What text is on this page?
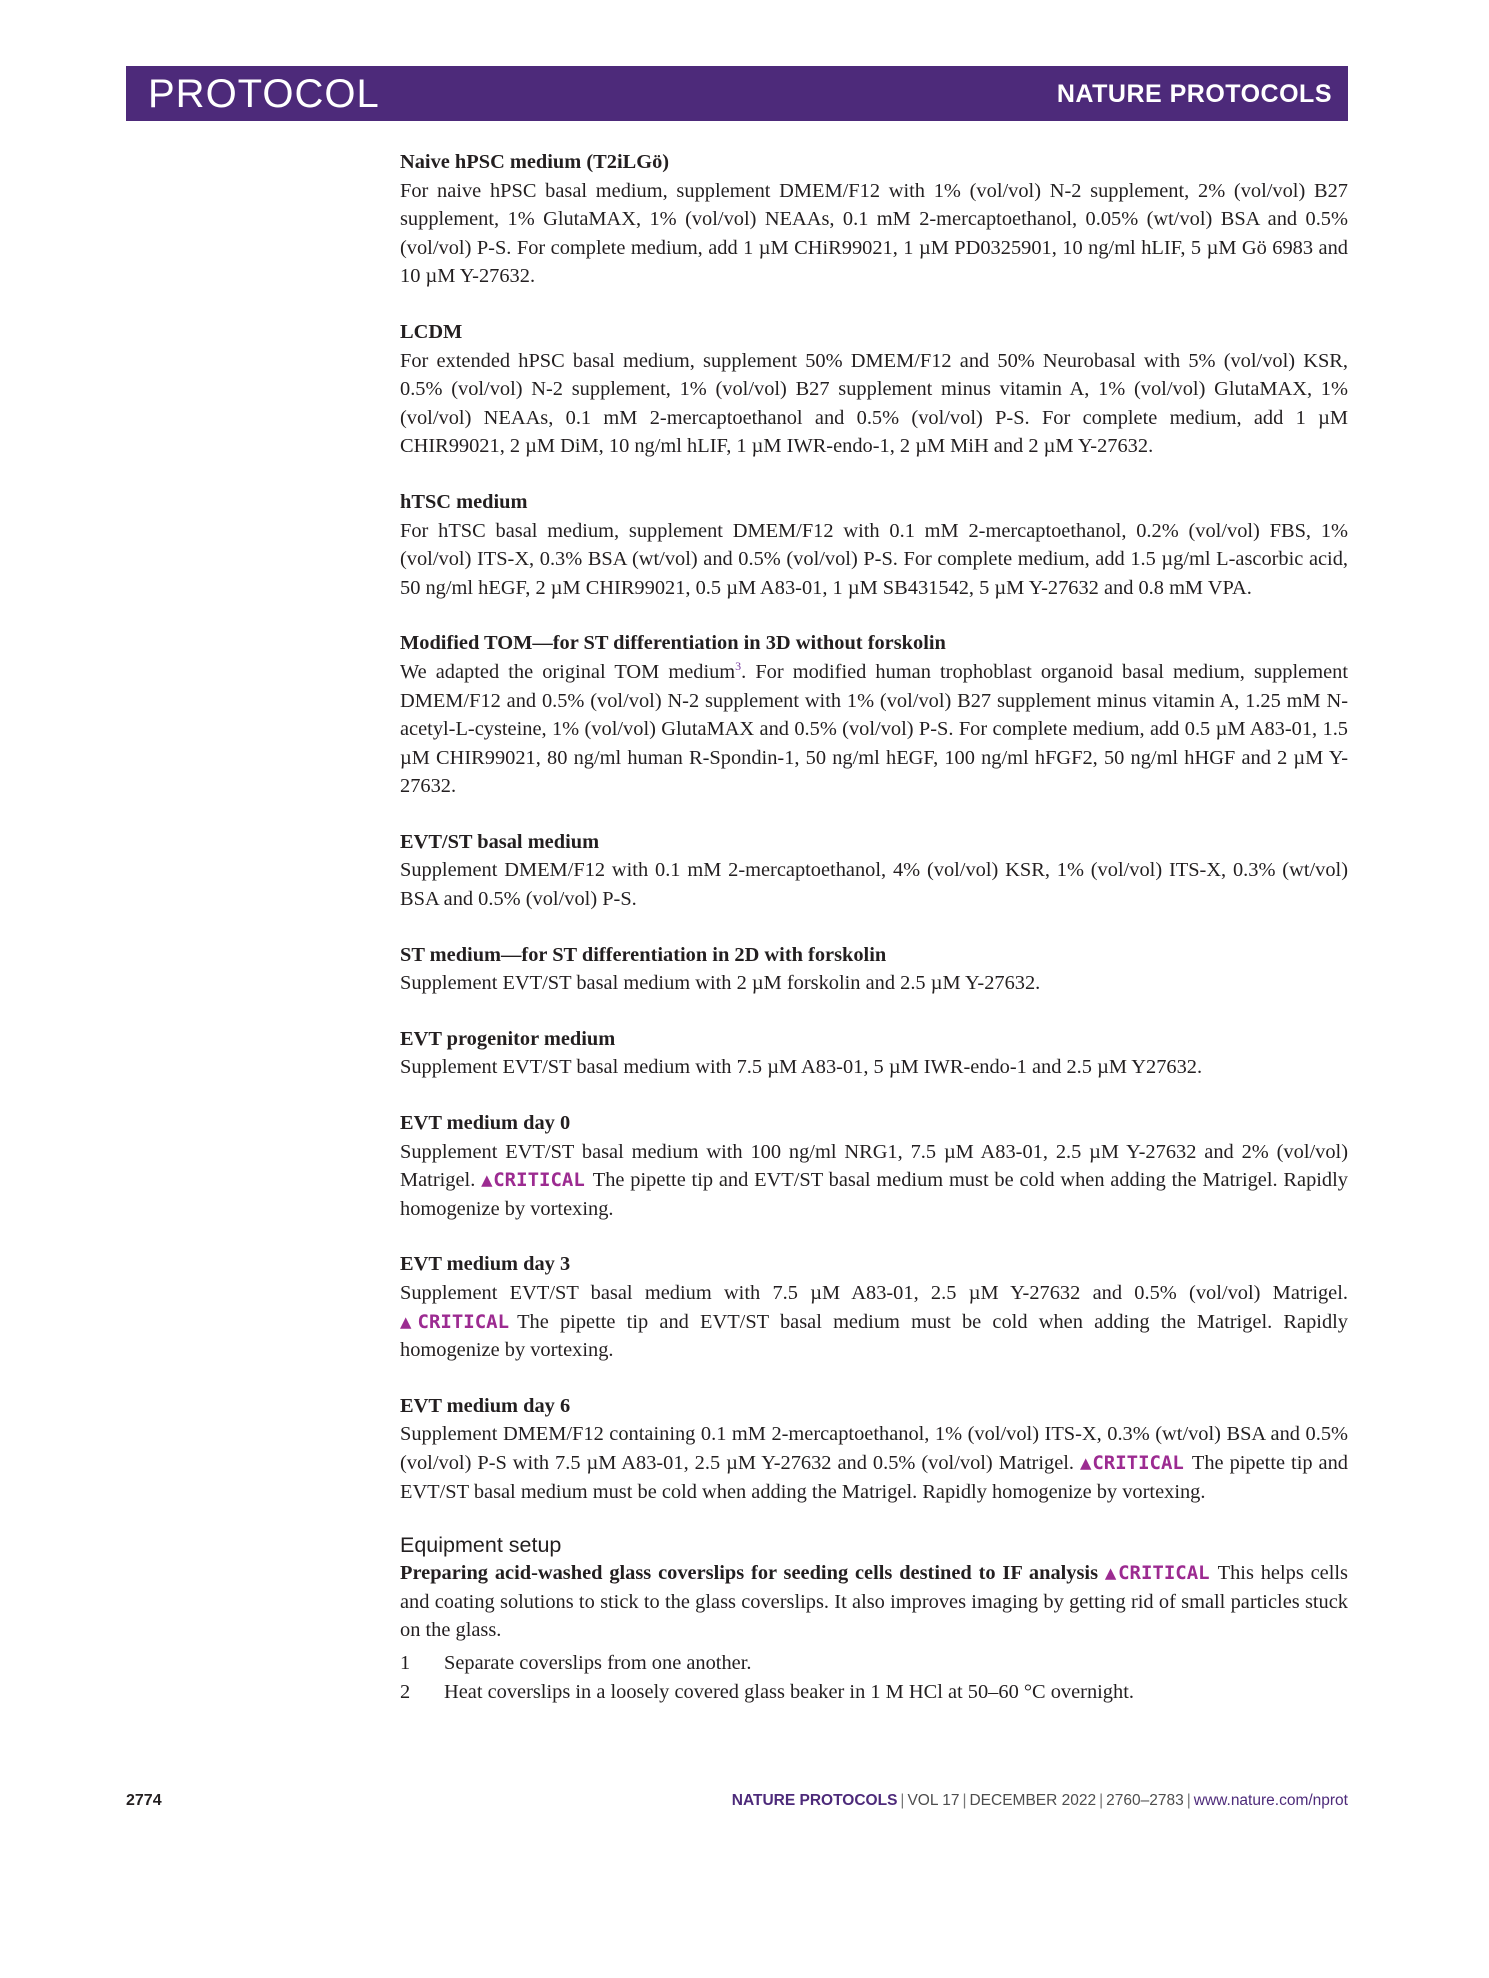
PROTOCOL	NATURE PROTOCOLS
Naive hPSC medium (T2iLGö)

For naive hPSC basal medium, supplement DMEM/F12 with 1% (vol/vol) N-2 supplement, 2% (vol/vol) B27 supplement, 1% GlutaMAX, 1% (vol/vol) NEAAs, 0.1 mM 2-mercaptoethanol, 0.05% (wt/vol) BSA and 0.5% (vol/vol) P-S. For complete medium, add 1 µM CHiR99021, 1 µM PD0325901, 10 ng/ml hLIF, 5 µM Gö 6983 and 10 µM Y-27632.

LCDM

For extended hPSC basal medium, supplement 50% DMEM/F12 and 50% Neurobasal with 5% (vol/vol) KSR, 0.5% (vol/vol) N-2 supplement, 1% (vol/vol) B27 supplement minus vitamin A, 1% (vol/vol) GlutaMAX, 1% (vol/vol) NEAAs, 0.1 mM 2-mercaptoethanol and 0.5% (vol/vol) P-S. For complete medium, add 1 µM CHIR99021, 2 µM DiM, 10 ng/ml hLIF, 1 µM IWR-endo-1, 2 µM MiH and 2 µM Y-27632.

hTSC medium

For hTSC basal medium, supplement DMEM/F12 with 0.1 mM 2-mercaptoethanol, 0.2% (vol/vol) FBS, 1% (vol/vol) ITS-X, 0.3% BSA (wt/vol) and 0.5% (vol/vol) P-S. For complete medium, add 1.5 µg/ml L-ascorbic acid, 50 ng/ml hEGF, 2 µM CHIR99021, 0.5 µM A83-01, 1 µM SB431542, 5 µM Y-27632 and 0.8 mM VPA.

Modified TOM—for ST differentiation in 3D without forskolin

We adapted the original TOM medium$^3$. For modified human trophoblast organoid basal medium, supplement DMEM/F12 and 0.5% (vol/vol) N-2 supplement with 1% (vol/vol) B27 supplement minus vitamin A, 1.25 mM N-acetyl-L-cysteine, 1% (vol/vol) GlutaMAX and 0.5% (vol/vol) P-S. For complete medium, add 0.5 µM A83-01, 1.5 µM CHIR99021, 80 ng/ml human R-Spondin-1, 50 ng/ml hEGF, 100 ng/ml hFGF2, 50 ng/ml hHGF and 2 µM Y-27632.

EVT/ST basal medium

Supplement DMEM/F12 with 0.1 mM 2-mercaptoethanol, 4% (vol/vol) KSR, 1% (vol/vol) ITS-X, 0.3% (wt/vol) BSA and 0.5% (vol/vol) P-S.

ST medium—for ST differentiation in 2D with forskolin

Supplement EVT/ST basal medium with 2 µM forskolin and 2.5 µM Y-27632.

EVT progenitor medium

Supplement EVT/ST basal medium with 7.5 µM A83-01, 5 µM IWR-endo-1 and 2.5 µM Y27632.

EVT medium day 0

Supplement EVT/ST basal medium with 100 ng/ml NRG1, 7.5 µM A83-01, 2.5 µM Y-27632 and 2% (vol/vol) Matrigel. ▲CRITICAL The pipette tip and EVT/ST basal medium must be cold when adding the Matrigel. Rapidly homogenize by vortexing.

EVT medium day 3

Supplement EVT/ST basal medium with 7.5 µM A83-01, 2.5 µM Y-27632 and 0.5% (vol/vol) Matrigel. ▲CRITICAL The pipette tip and EVT/ST basal medium must be cold when adding the Matrigel. Rapidly homogenize by vortexing.

EVT medium day 6

Supplement DMEM/F12 containing 0.1 mM 2-mercaptoethanol, 1% (vol/vol) ITS-X, 0.3% (wt/vol) BSA and 0.5% (vol/vol) P-S with 7.5 µM A83-01, 2.5 µM Y-27632 and 0.5% (vol/vol) Matrigel. ▲CRITICAL The pipette tip and EVT/ST basal medium must be cold when adding the Matrigel. Rapidly homogenize by vortexing.

Equipment setup

Preparing acid-washed glass coverslips for seeding cells destined to IF analysis ▲CRITICAL This helps cells and coating solutions to stick to the glass coverslips. It also improves imaging by getting rid of small particles stuck on the glass.

1 Separate coverslips from one another.
2 Heat coverslips in a loosely covered glass beaker in 1 M HCl at 50–60 °C overnight.
2774	NATURE PROTOCOLS | VOL 17 | DECEMBER 2022 | 2760–2783 | www.nature.com/nprot
